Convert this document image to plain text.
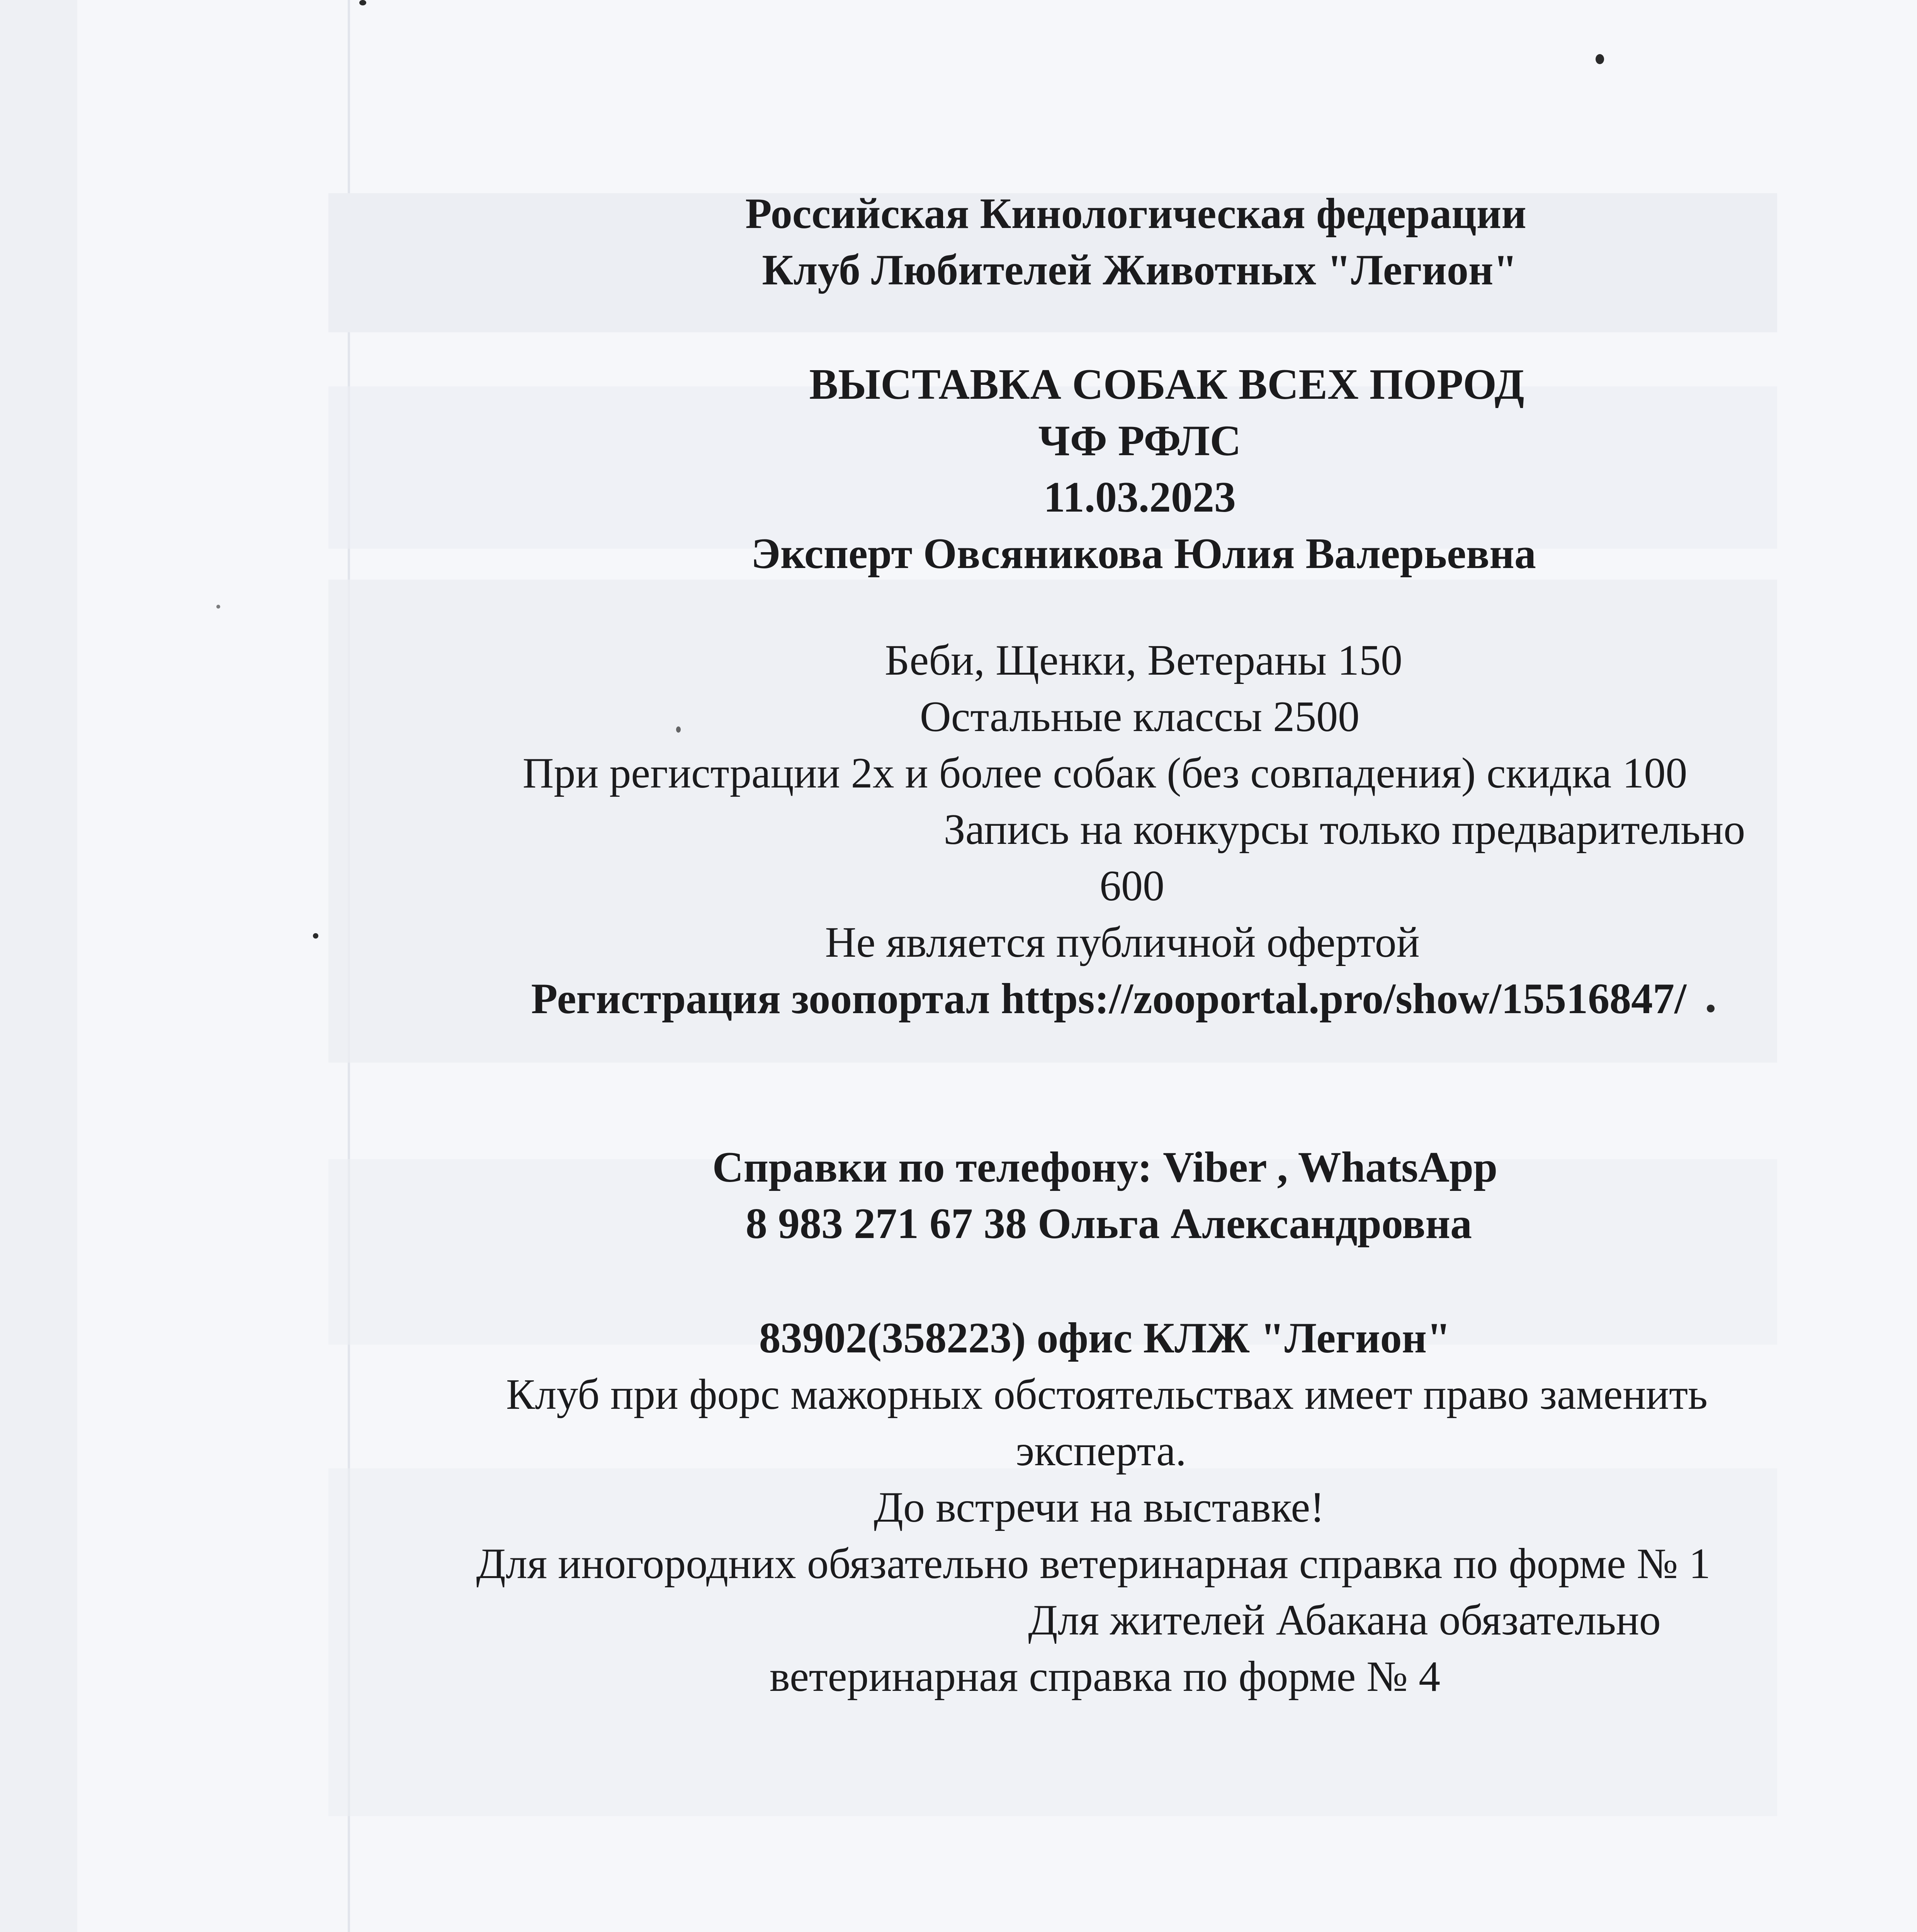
Российская Кинологическая федерации
Клуб Любителей Животных "Легион"
ВЫСТАВКА СОБАК ВСЕХ ПОРОД
ЧФ РФЛС
11.03.2023
Эксперт Овсяникова Юлия Валерьевна
Беби, Щенки, Ветераны 150
Остальные классы 2500
При регистрации 2х и более собак (без совпадения) скидка 100
Запись на конкурсы только предварительно
600
Не является публичной офертой
Регистрация зоопортал https://zooportal.pro/show/15516847/
Справки по телефону: Viber , WhatsApp
8 983 271 67 38 Ольга Александровна
83902(358223) офис КЛЖ "Легион"
Клуб при форс мажорных обстоятельствах имеет право заменить
эксперта.
До встречи на выставке!
Для иногородних обязательно ветеринарная справка по форме № 1
Для жителей Абакана обязательно
ветеринарная справка по форме № 4
